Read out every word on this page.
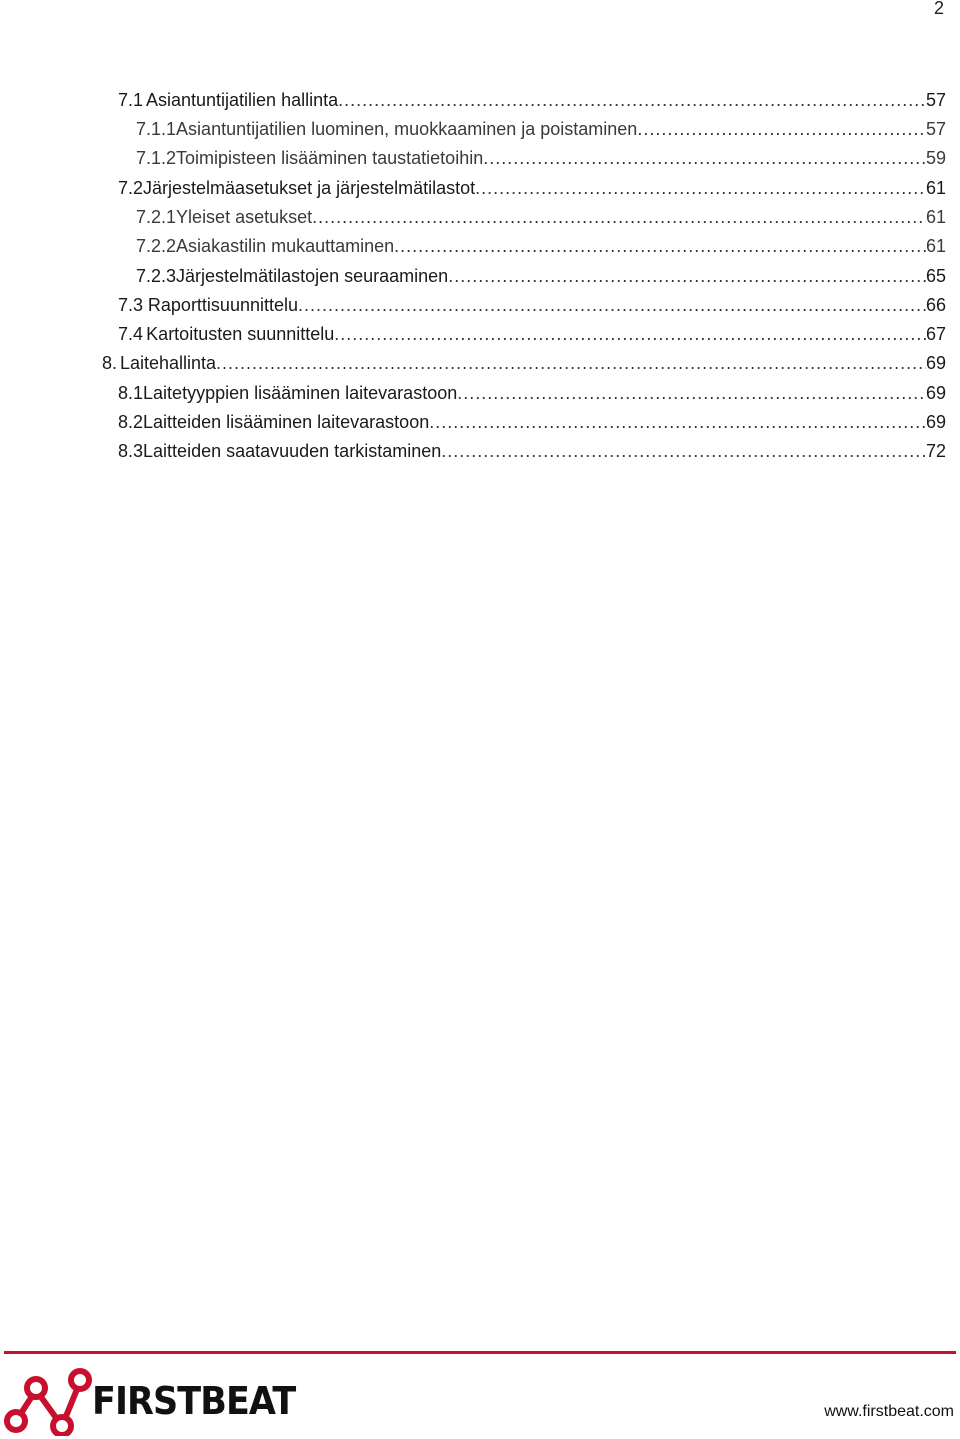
2
7.1 Asiantuntijatilien hallinta .....	57
7.1.1 Asiantuntijatilien luominen, muokkaaminen ja poistaminen .....	57
7.1.2 Toimipisteen lisääminen taustatietoihin .....	59
7.2 Järjestelmäasetukset ja järjestelmätilastot .....	61
7.2.1 Yleiset asetukset .....	61
7.2.2 Asiakastilin mukauttaminen .....	61
7.2.3 Järjestelmätilastojen seuraaminen .....	65
7.3 Raporttisuunnittelu .....	66
7.4 Kartoitusten suunnittelu .....	67
8. Laitehallinta .....	69
8.1 Laitetyyppien lisääminen laitevarastoon .....	69
8.2 Laitteiden lisääminen laitevarastoon .....	69
8.3 Laitteiden saatavuuden tarkistaminen .....	72
FIRSTBEAT	www.firstbeat.com
